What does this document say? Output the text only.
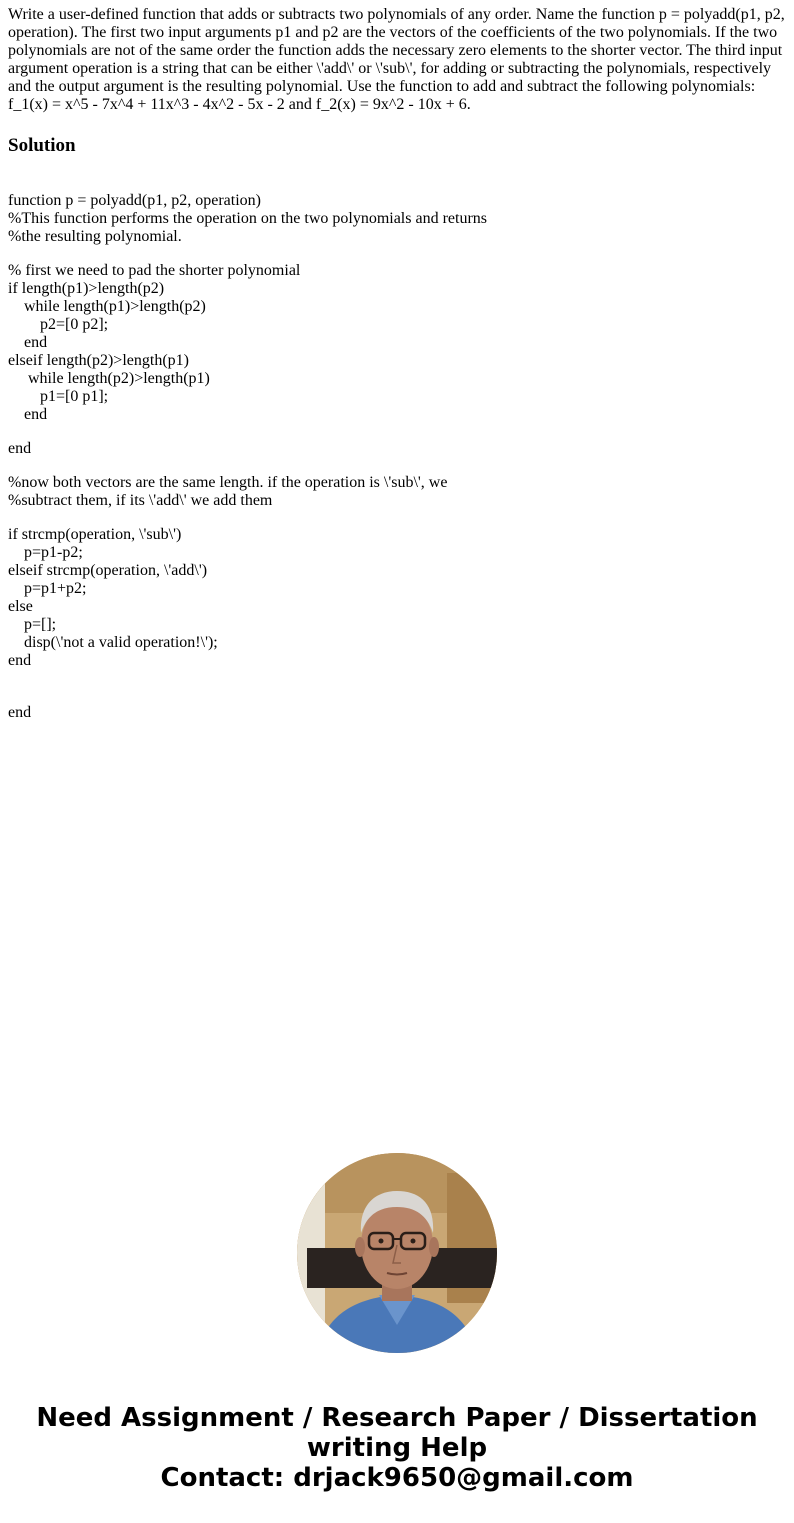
Write a user-defined function that adds or subtracts two polynomials of any order. Name the function p = polyadd(p1, p2, operation). The first two input arguments p1 and p2 are the vectors of the coefficients of the two polynomials. If the two polynomials are not of the same order the function adds the necessary zero elements to the shorter vector. The third input argument operation is a string that can be either \'add\' or \'sub\', for adding or subtracting the polynomials, respectively and the output argument is the resulting polynomial. Use the function to add and subtract the following polynomials: f_1(x) = x^5 - 7x^4 + 11x^3 - 4x^2 - 5x - 2 and f_2(x) = 9x^2 - 10x + 6.
Solution
function p = polyadd(p1, p2, operation)
%This function performs the operation on the two polynomials and returns
%the resulting polynomial.
% first we need to pad the shorter polynomial
if length(p1)>length(p2)
while length(p1)>length(p2)
p2=[0 p2];
end
elseif length(p2)>length(p1)
while length(p2)>length(p1)
p1=[0 p1];
end
end
%now both vectors are the same length. if the operation is \'sub\', we
%subtract them, if its \'add\' we add them
if strcmp(operation, \'sub\')
p=p1-p2;
elseif strcmp(operation, \'add\')
p=p1+p2;
else
p=[];
disp(\'not a valid operation!\');
end
end
Need Assignment / Research Paper / Dissertation
writing Help
Contact: drjack9650@gmail.com
